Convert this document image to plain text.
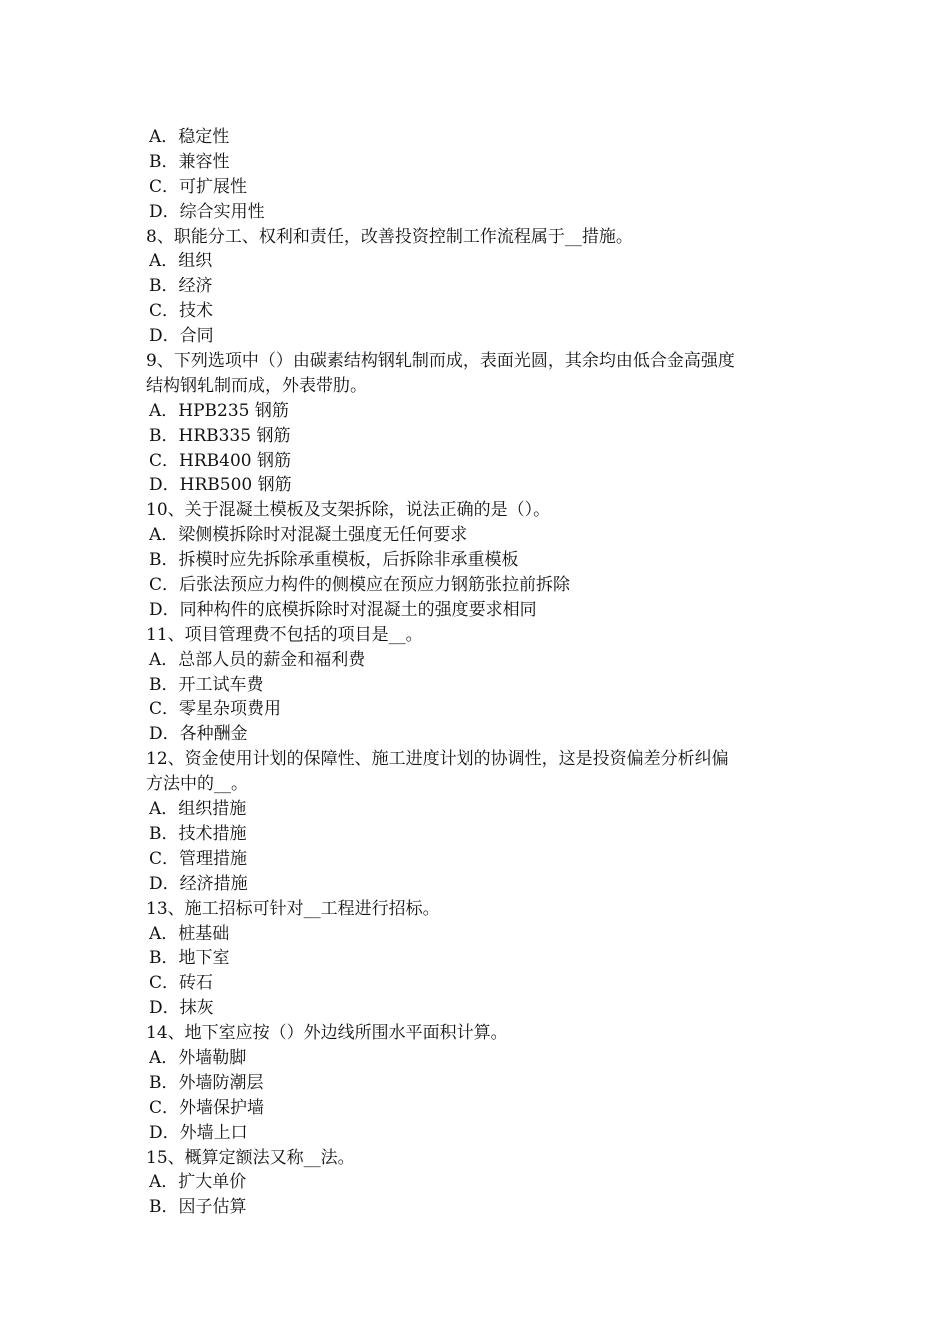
A．稳定性
B．兼容性
C．可扩展性
D．综合实用性
8、职能分工、权利和责任，改善投资控制工作流程属于__措施。
A．组织
B．经济
C．技术
D．合同
9、下列选项中（）由碳素结构钢轧制而成，表面光圆，其余均由低合金高强度
结构钢轧制而成，外表带肋。
A．HPB235 钢筋
B．HRB335 钢筋
C．HRB400 钢筋
D．HRB500 钢筋
10、关于混凝土模板及支架拆除，说法正确的是（）。
A．梁侧模拆除时对混凝土强度无任何要求
B．拆模时应先拆除承重模板，后拆除非承重模板
C．后张法预应力构件的侧模应在预应力钢筋张拉前拆除
D．同种构件的底模拆除时对混凝土的强度要求相同
11、项目管理费不包括的项目是__。
A．总部人员的薪金和福利费
B．开工试车费
C．零星杂项费用
D．各种酬金
12、资金使用计划的保障性、施工进度计划的协调性，这是投资偏差分析纠偏
方法中的__。
A．组织措施
B．技术措施
C．管理措施
D．经济措施
13、施工招标可针对__工程进行招标。
A．桩基础
B．地下室
C．砖石
D．抹灰
14、地下室应按（）外边线所围水平面积计算。
A．外墙勒脚
B．外墙防潮层
C．外墙保护墙
D．外墙上口
15、概算定额法又称__法。
A．扩大单价
B．因子估算
